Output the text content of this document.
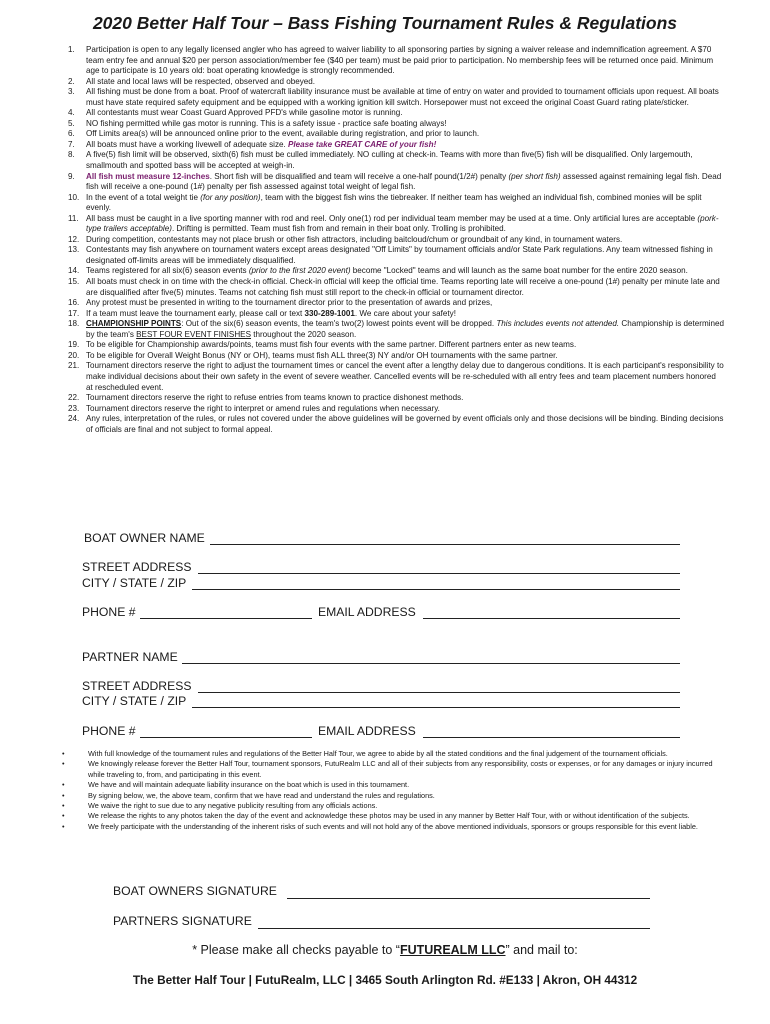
2020 Better Half Tour – Bass Fishing Tournament Rules & Regulations
1. Participation is open to any legally licensed angler who has agreed to waiver liability to all sponsoring parties by signing a waiver release and indemnification agreement. A $70 team entry fee and annual $20 per person association/member fee ($40 per team) must be paid prior to participation. No membership fees will be returned once paid. Minimum age to participate is 10 years old: boat operating knowledge is strongly recommended.
2. All state and local laws will be respected, observed and obeyed.
3. All fishing must be done from a boat. Proof of watercraft liability insurance must be available at time of entry on water and provided to tournament officials upon request. All boats must have state required safety equipment and be equipped with a working ignition kill switch. Horsepower must not exceed the original Coast Guard rating plate/sticker.
4. All contestants must wear Coast Guard Approved PFD's while gasoline motor is running.
5. NO fishing permitted while gas motor is running. This is a safety issue - practice safe boating always!
6. Off Limits area(s) will be announced online prior to the event, available during registration, and prior to launch.
7. All boats must have a working livewell of adequate size. Please take GREAT CARE of your fish!
8. A five(5) fish limit will be observed, sixth(6) fish must be culled immediately. NO culling at check-in. Teams with more than five(5) fish will be disqualified. Only largemouth, smallmouth and spotted bass will be accepted at weigh-in.
9. All fish must measure 12-inches. Short fish will be disqualified and team will receive a one-half pound(1/2#) penalty (per short fish) assessed against remaining legal fish. Dead fish will receive a one-pound (1#) penalty per fish assessed against total weight of legal fish.
10. In the event of a total weight tie (for any position), team with the biggest fish wins the tiebreaker. If neither team has weighed an individual fish, combined monies will be split evenly.
11. All bass must be caught in a live sporting manner with rod and reel. Only one(1) rod per individual team member may be used at a time. Only artificial lures are acceptable (pork-type trailers acceptable). Drifting is permitted. Team must fish from and remain in their boat only. Trolling is prohibited.
12. During competition, contestants may not place brush or other fish attractors, including baitcloud/chum or groundbait of any kind, in tournament waters.
13. Contestants may fish anywhere on tournament waters except areas designated "Off Limits" by tournament officials and/or State Park regulations. Any team witnessed fishing in designated off-limits areas will be immediately disqualified.
14. Teams registered for all six(6) season events (prior to the first 2020 event) become "Locked" teams and will launch as the same boat number for the entire 2020 season.
15. All boats must check in on time with the check-in official. Check-in official will keep the official time. Teams reporting late will receive a one-pound (1#) penalty per minute late and are disqualified after five(5) minutes. Teams not catching fish must still report to the check-in official or tournament director.
16. Any protest must be presented in writing to the tournament director prior to the presentation of awards and prizes,
17. If a team must leave the tournament early, please call or text 330-289-1001. We care about your safety!
18. CHAMPIONSHIP POINTS: Out of the six(6) season events, the team's two(2) lowest points event will be dropped. This includes events not attended. Championship is determined by the team's BEST FOUR EVENT FINISHES throughout the 2020 season.
19. To be eligible for Championship awards/points, teams must fish four events with the same partner. Different partners enter as new teams.
20. To be eligible for Overall Weight Bonus (NY or OH), teams must fish ALL three(3) NY and/or OH tournaments with the same partner.
21. Tournament directors reserve the right to adjust the tournament times or cancel the event after a lengthy delay due to dangerous conditions. It is each participant's responsibility to make individual decisions about their own safety in the event of severe weather. Cancelled events will be re-scheduled with all entry fees and team placement numbers honored at rescheduled event.
22. Tournament directors reserve the right to refuse entries from teams known to practice dishonest methods.
23. Tournament directors reserve the right to interpret or amend rules and regulations when necessary.
24. Any rules, interpretation of the rules, or rules not covered under the above guidelines will be governed by event officials only and those decisions will be binding. Binding decisions of officials are final and not subject to formal appeal.
BOAT OWNER NAME
STREET ADDRESS
CITY / STATE / ZIP
PHONE #	EMAIL ADDRESS
PARTNER NAME
STREET ADDRESS
CITY / STATE / ZIP
PHONE #	EMAIL ADDRESS
•	With full knowledge of the tournament rules and regulations of the Better Half Tour, we agree to abide by all the stated conditions and the final judgement of the tournament officials.
•	We knowingly release forever the Better Half Tour, tournament sponsors, FutuRealm LLC and all of their subjects from any responsibility, costs or expenses, or for any damages or injury incurred while traveling to, from, and participating in this event.
•	We have and will maintain adequate liability insurance on the boat which is used in this tournament.
•	By signing below, we, the above team, confirm that we have read and understand the rules and regulations.
•	We waive the right to sue due to any negative publicity resulting from any officials actions.
•	We release the rights to any photos taken the day of the event and acknowledge these photos may be used in any manner by Better Half Tour, with or without identification of the subjects.
•	We freely participate with the understanding of the inherent risks of such events and will not hold any of the above mentioned individuals, sponsors or groups responsible for this event liable.
BOAT OWNERS SIGNATURE
PARTNERS SIGNATURE
* Please make all checks payable to “FUTUREALM LLC” and mail to:
The Better Half Tour | FutuRealm, LLC | 3465 South Arlington Rd. #E133 | Akron, OH 44312
